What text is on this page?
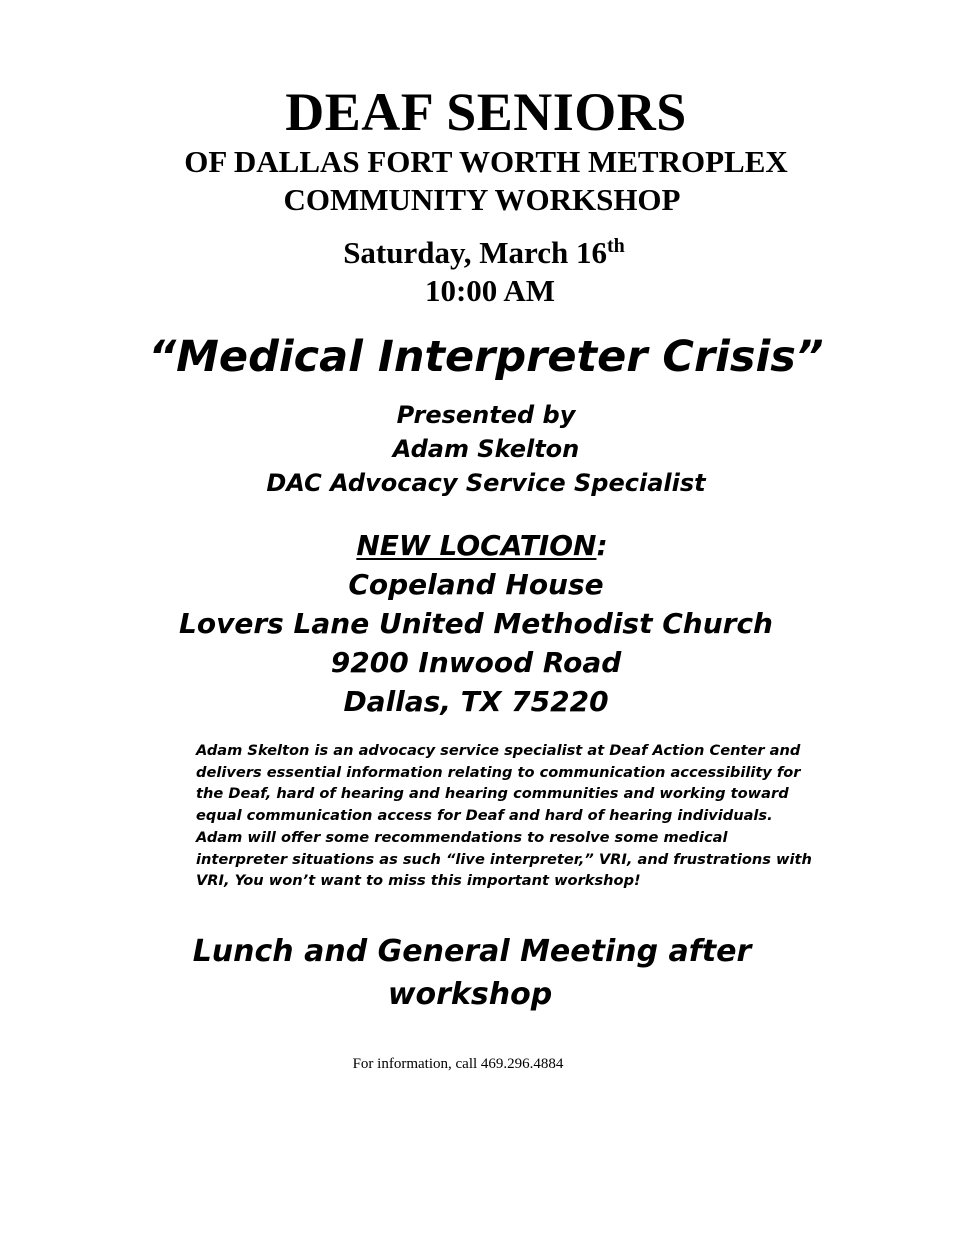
DEAF SENIORS
OF DALLAS FORT WORTH METROPLEX
COMMUNITY WORKSHOP
Saturday, March 16th
10:00 AM
“Medical Interpreter Crisis”
Presented by
Adam Skelton
DAC Advocacy Service Specialist
NEW LOCATION:
Copeland House
Lovers Lane United Methodist Church
9200 Inwood Road
Dallas, TX 75220
Adam Skelton is an advocacy service specialist at Deaf Action Center and
delivers essential information relating to communication accessibility for
the Deaf, hard of hearing and hearing communities and working toward
equal communication access for Deaf and hard of hearing individuals.
Adam will offer some recommendations to resolve some medical
interpreter situations as such “live interpreter,” VRI, and frustrations with
VRI, You won’t want to miss this important workshop!
Lunch and General Meeting after
workshop

For information, call 469.296.4884
